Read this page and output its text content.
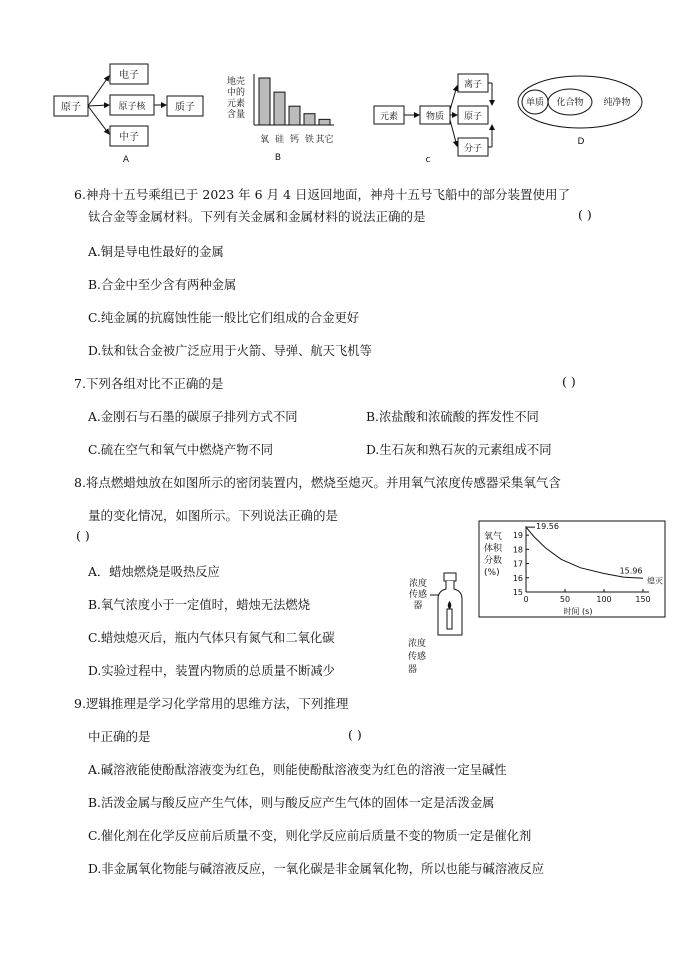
电子
原子	原子核	质子
中子
A
地壳
中的
元素
含量
氧 硅 钙 铁 其它
B
元素	物质
离子
原子
分子
c
单质 化合物 纯净物
D
6.神舟十五号乘组已于 2023 年 6 月 4 日返回地面，神舟十五号飞船中的部分装置使用了
钛合金等金属材料。下列有关金属和金属材料的说法正确的是	( )
A.铜是导电性最好的金属
B.合金中至少含有两种金属
C.纯金属的抗腐蚀性能一般比它们组成的合金更好
D.钛和钛合金被广泛应用于火箭、导弹、航天飞机等
7.下列各组对比不正确的是	( )
A.金刚石与石墨的碳原子排列方式不同	B.浓盐酸和浓硫酸的挥发性不同
C.硫在空气和氧气中燃烧产物不同	D.生石灰和熟石灰的元素组成不同
8.将点燃蜡烛放在如图所示的密闭装置内，燃烧至熄灭。并用氧气浓度传感器采集氧气含
量的变化情况，如图所示。下列说法正确的是
( )
A．蜡烛燃烧是吸热反应
B.氧气浓度小于一定值时，蜡烛无法燃烧
C.蜡烛熄灭后，瓶内气体只有氮气和二氧化碳
D.实验过程中，装置内物质的总质量不断减少
浓度
传感
器
浓度
传感
器
氧气
体积
分数
(%)
15
16
17
18
19
0	50	100	150
19.56
15.96
熄灭
时间 (s)
9.逻辑推理是学习化学常用的思维方法，下列推理
中正确的是	( )
A.碱溶液能使酚酞溶液变为红色，则能使酚酞溶液变为红色的溶液一定呈碱性
B.活泼金属与酸反应产生气体，则与酸反应产生气体的固体一定是活泼金属
C.催化剂在化学反应前后质量不变，则化学反应前后质量不变的物质一定是催化剂
D.非金属氧化物能与碱溶液反应，一氧化碳是非金属氧化物，所以也能与碱溶液反应
